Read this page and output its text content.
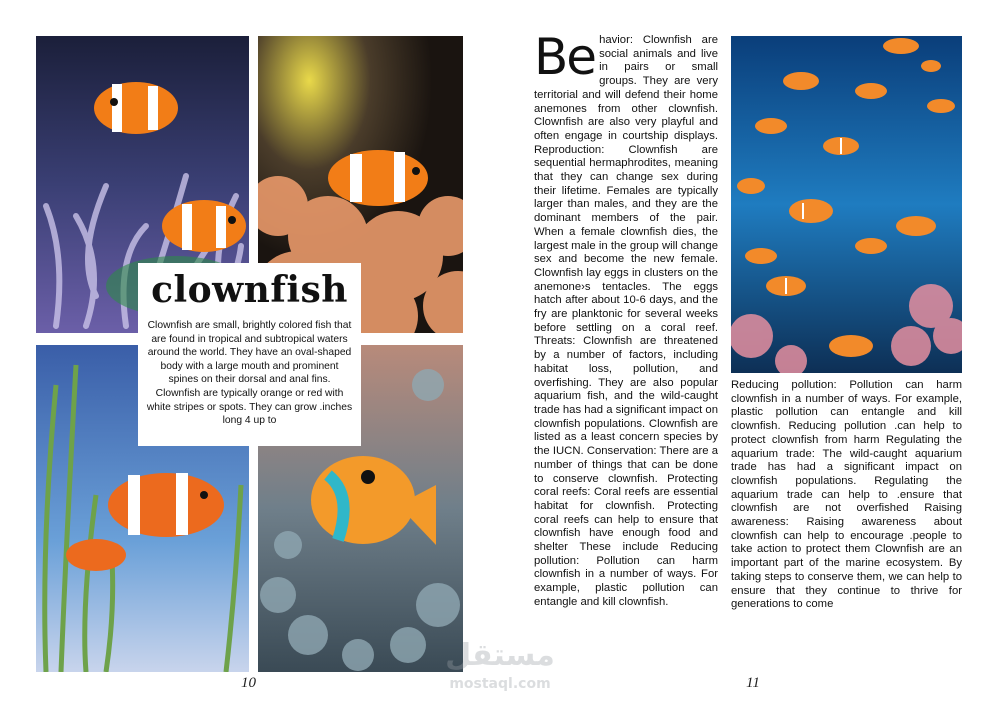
clownfish

Clownfish are small, brightly colored fish that are found in tropical and subtropical waters around the world. They have an oval-shaped body with a large mouth and prominent spines on their dorsal and anal fins. Clownfish are typically orange or red with white stripes or spots. They can grow .inches long 4 up to

10
Be havior: Clownfish are social animals and live in pairs or small groups. They are very territorial and will defend their home anemones from other clownfish. Clownfish are also very playful and often engage in courtship displays. Reproduction: Clownfish are sequential hermaphrodites, meaning that they can change sex during their lifetime. Females are typically larger than males, and they are the dominant members of the pair. When a female clownfish dies, the largest male in the group will change sex and become the new female. Clownfish lay eggs in clusters on the anemone›s tentacles. The eggs hatch after about 10-6 days, and the fry are planktonic for several weeks before settling on a coral reef. Threats: Clownfish are threatened by a number of factors, including habitat loss, pollution, and overfishing. They are also popular aquarium fish, and the wild-caught trade has had a significant impact on clownfish populations. Clownfish are listed as a least concern species by the IUCN. Conservation: There are a number of things that can be done to conserve clownfish. Protecting coral reefs: Coral reefs are essential habitat for clownfish. Protecting coral reefs can help to ensure that clownfish have enough food and shelter These include Reducing pollution: Pollution can harm clownfish in a number of ways. For example, plastic pollution can entangle and kill clownfish.
Reducing pollution: Pollution can harm clownfish in a number of ways. For example, plastic pollution can entangle and kill clownfish. Reducing pollution .can help to protect clownfish from harm Regulating the aquarium trade: The wild-caught aquarium trade has had a significant impact on clownfish populations. Regulating the aquarium trade can help to .ensure that clownfish are not overfished Raising awareness: Raising awareness about clownfish can help to encourage .people to take action to protect them Clownfish are an important part of the marine ecosystem. By taking steps to conserve them, we can help to ensure that they continue to thrive for generations to come
11
مستقل
mostaql.com
